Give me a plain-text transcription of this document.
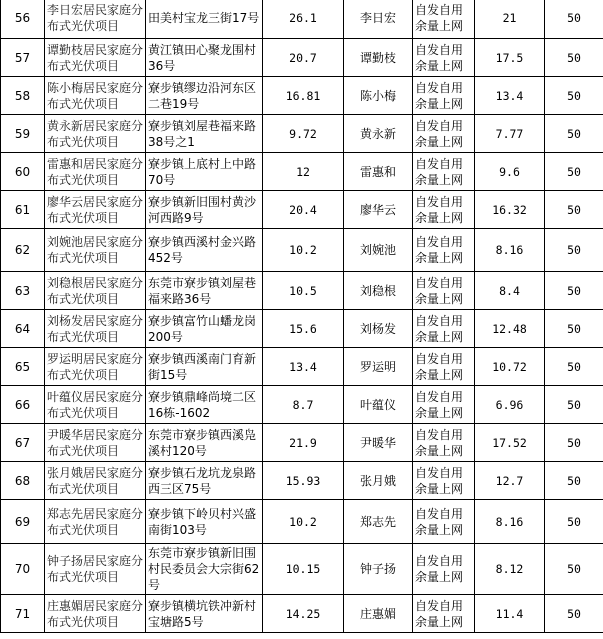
56	李日宏居民家庭分布式光伏项目	田美村宝龙三街17号	26.1	李日宏	自发自用余量上网	21	50
57	谭勤枝居民家庭分布式光伏项目	黄江镇田心聚龙围村36号	20.7	谭勤枝	自发自用余量上网	17.5	50
58	陈小梅居民家庭分布式光伏项目	寮步镇缪边沿河东区二巷19号	16.81	陈小梅	自发自用余量上网	13.4	50
59	黄永新居民家庭分布式光伏项目	寮步镇刘屋巷福来路38号之1	9.72	黄永新	自发自用余量上网	7.77	50
60	雷惠和居民家庭分布式光伏项目	寮步镇上底村上中路70号	12	雷惠和	自发自用余量上网	9.6	50
61	廖华云居民家庭分布式光伏项目	寮步镇新旧围村黄沙河西路9号	20.4	廖华云	自发自用余量上网	16.32	50
62	刘婉池居民家庭分布式光伏项目	寮步镇西溪村金兴路452号	10.2	刘婉池	自发自用余量上网	8.16	50
63	刘稳根居民家庭分布式光伏项目	东莞市寮步镇刘屋巷福来路36号	10.5	刘稳根	自发自用余量上网	8.4	50
64	刘杨发居民家庭分布式光伏项目	寮步镇富竹山蟠龙岗200号	15.6	刘杨发	自发自用余量上网	12.48	50
65	罗运明居民家庭分布式光伏项目	寮步镇西溪南门育新街15号	13.4	罗运明	自发自用余量上网	10.72	50
66	叶蕴仪居民家庭分布式光伏项目	寮步镇鼎峰尚境二区16栋-1602	8.7	叶蕴仪	自发自用余量上网	6.96	50
67	尹暖华居民家庭分布式光伏项目	东莞市寮步镇西溪凫溪村120号	21.9	尹暖华	自发自用余量上网	17.52	50
68	张月娥居民家庭分布式光伏项目	寮步镇石龙坑龙泉路西三区75号	15.93	张月娥	自发自用余量上网	12.7	50
69	郑志先居民家庭分布式光伏项目	寮步镇下岭贝村兴盛南街103号	10.2	郑志先	自发自用余量上网	8.16	50
70	钟子扬居民家庭分布式光伏项目	东莞市寮步镇新旧围村民委员会大宗街62号	10.15	钟子扬	自发自用余量上网	8.12	50
71	庄惠媚居民家庭分布式光伏项目	寮步镇横坑铁冲新村宝塘路5号	14.25	庄惠媚	自发自用余量上网	11.4	50
